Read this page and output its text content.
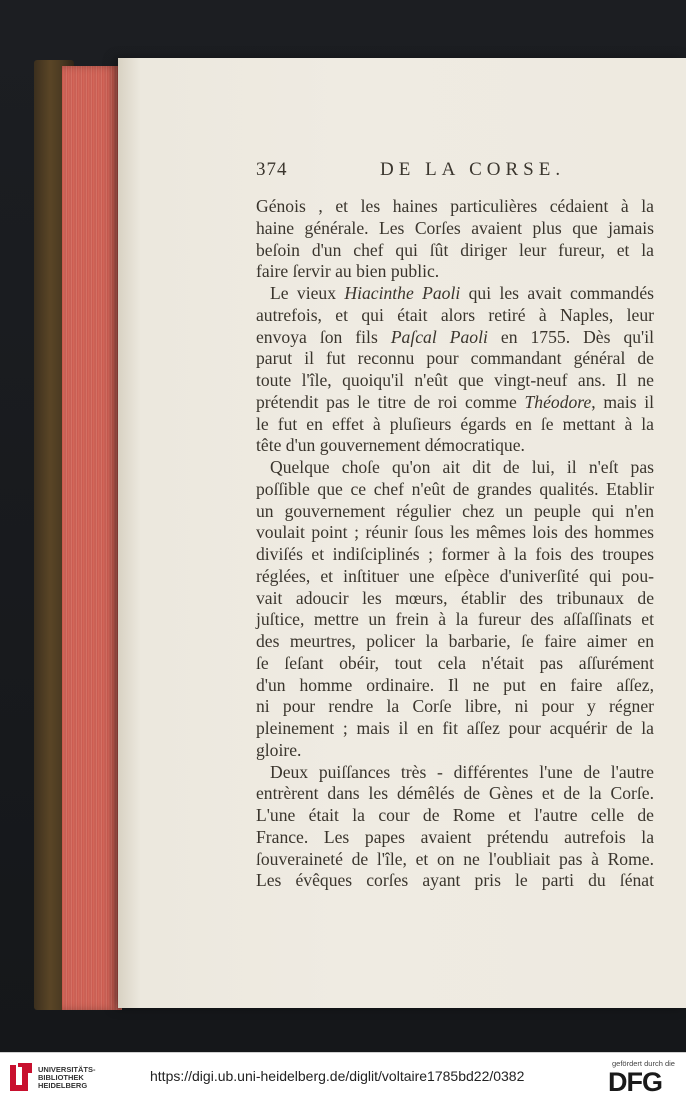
374	DE LA CORSE.
Génois , et les haines particulières cédaient à la
haine générale. Les Corſes avaient plus que jamais
beſoin d'un chef qui ſût diriger leur fureur, et la
faire ſervir au bien public.
Le vieux Hiacinthe Paoli qui les avait commandés
autrefois, et qui était alors retiré à Naples, leur
envoya ſon fils Paſcal Paoli en 1755. Dès qu'il
parut il fut reconnu pour commandant général de
toute l'île, quoiqu'il n'eût que vingt-neuf ans. Il ne
prétendit pas le titre de roi comme Théodore, mais il
le fut en effet à pluſieurs égards en ſe mettant à la
tête d'un gouvernement démocratique.
Quelque choſe qu'on ait dit de lui, il n'eſt pas
poſſible que ce chef n'eût de grandes qualités. Etablir
un gouvernement régulier chez un peuple qui n'en
voulait point ; réunir ſous les mêmes lois des hommes
diviſés et indiſciplinés ; former à la fois des troupes
réglées, et inſtituer une eſpèce d'univerſité qui pou-
vait adoucir les mœurs, établir des tribunaux de
juſtice, mettre un frein à la fureur des aſſaſſinats et
des meurtres, policer la barbarie, ſe faire aimer en
ſe ſeſant obéir, tout cela n'était pas aſſurément
d'un homme ordinaire. Il ne put en faire aſſez,
ni pour rendre la Corſe libre, ni pour y régner
pleinement ; mais il en fit aſſez pour acquérir de la
gloire.
Deux puiſſances très - différentes l'une de l'autre
entrèrent dans les démêlés de Gènes et de la Corſe.
L'une était la cour de Rome et l'autre celle de
France. Les papes avaient prétendu autrefois la
ſouveraineté de l'île, et on ne l'oubliait pas à Rome.
Les évêques corſes ayant pris le parti du ſénat
UNIVERSITÄTS-
BIBLIOTHEK
HEIDELBERG
https://digi.ub.uni-heidelberg.de/diglit/voltaire1785bd22/0382
gefördert durch die
DFG
